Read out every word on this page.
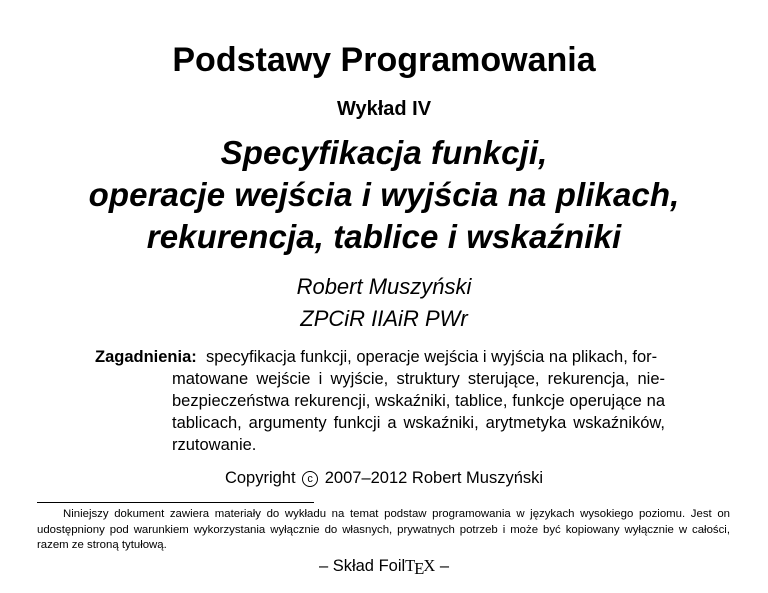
Podstawy Programowania
Wykład IV
Specyfikacja funkcji,
operacje wejścia i wyjścia na plikach,
rekurencja, tablice i wskaźniki
Robert Muszyński
ZPCiR IIAiR PWr
Zagadnienia: specyfikacja funkcji, operacje wejścia i wyjścia na plikach, for-
matowane wejście i wyjście, struktury sterujące, rekurencja, nie-
bezpieczeństwa rekurencji, wskaźniki, tablice, funkcje operujące na
tablicach, argumenty funkcji a wskaźniki, arytmetyka wskaźników,
rzutowanie.
Copyright c 2007–2012 Robert Muszyński
Niniejszy dokument zawiera materiały do wykładu na temat podstaw programowania w językach wysokiego poziomu. Jest on
udostępniony pod warunkiem wykorzystania wyłącznie do własnych, prywatnych potrzeb i może być kopiowany wyłącznie w całości,
razem ze stroną tytułową.
– Skład FoilTEX –
